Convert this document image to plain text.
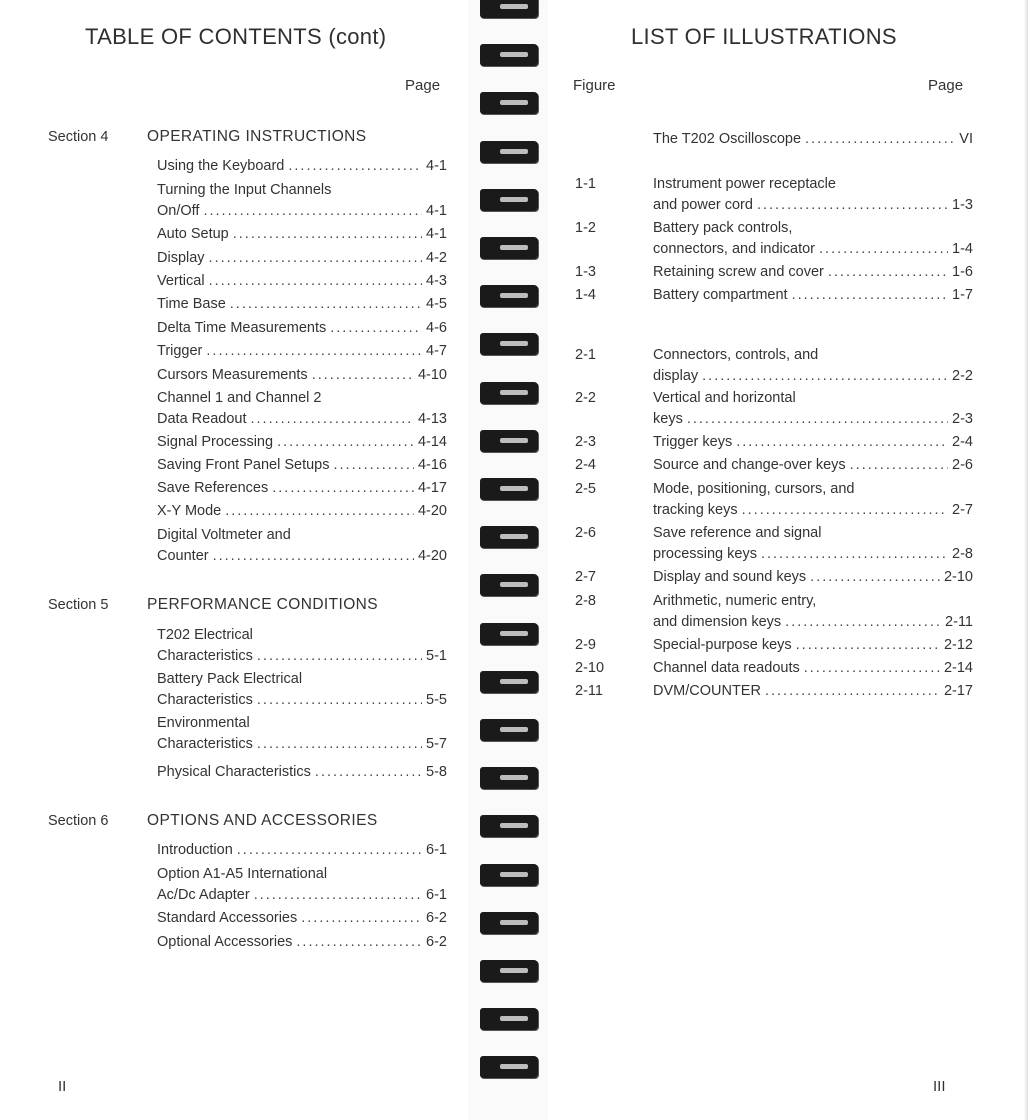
TABLE OF CONTENTS (cont)
Page
Section 4 OPERATING INSTRUCTIONS
Using the Keyboard .....	4-1
Turning the Input Channels
On/Off .....	4-1
Auto Setup .....	4-1
Display .....	4-2
Vertical .....	4-3
Time Base .....	4-5
Delta Time Measurements .....	4-6
Trigger .....	4-7
Cursors Measurements .....	4-10
Channel 1 and Channel 2
Data Readout .....	4-13
Signal Processing .....	4-14
Saving Front Panel Setups .....	4-16
Save References .....	4-17
X-Y Mode .....	4-20
Digital Voltmeter and
Counter .....	4-20
Section 5 PERFORMANCE CONDITIONS
T202 Electrical
Characteristics .....	5-1
Battery Pack Electrical
Characteristics .....	5-5
Environmental
Characteristics .....	5-7
Physical Characteristics .....	5-8
Section 6 OPTIONS AND ACCESSORIES
Introduction .....	6-1
Option A1-A5 International
Ac/Dc Adapter .....	6-1
Standard Accessories .....	6-2
Optional Accessories .....	6-2
II
LIST OF ILLUSTRATIONS
Figure	Page
The T202 Oscilloscope .....	VI
1-1	Instrument power receptacle
and power cord .....	1-3
1-2	Battery pack controls,
connectors, and indicator .....	1-4
1-3	Retaining screw and cover .....	1-6
1-4	Battery compartment .....	1-7
2-1	Connectors, controls, and
display .....	2-2
2-2	Vertical and horizontal
keys .....	2-3
2-3	Trigger keys .....	2-4
2-4	Source and change-over keys .....	2-6
2-5	Mode, positioning, cursors, and
tracking keys .....	2-7
2-6	Save reference and signal
processing keys .....	2-8
2-7	Display and sound keys .....	2-10
2-8	Arithmetic, numeric entry,
and dimension keys .....	2-11
2-9	Special-purpose keys .....	2-12
2-10	Channel data readouts .....	2-14
2-11	DVM/COUNTER .....	2-17
III
